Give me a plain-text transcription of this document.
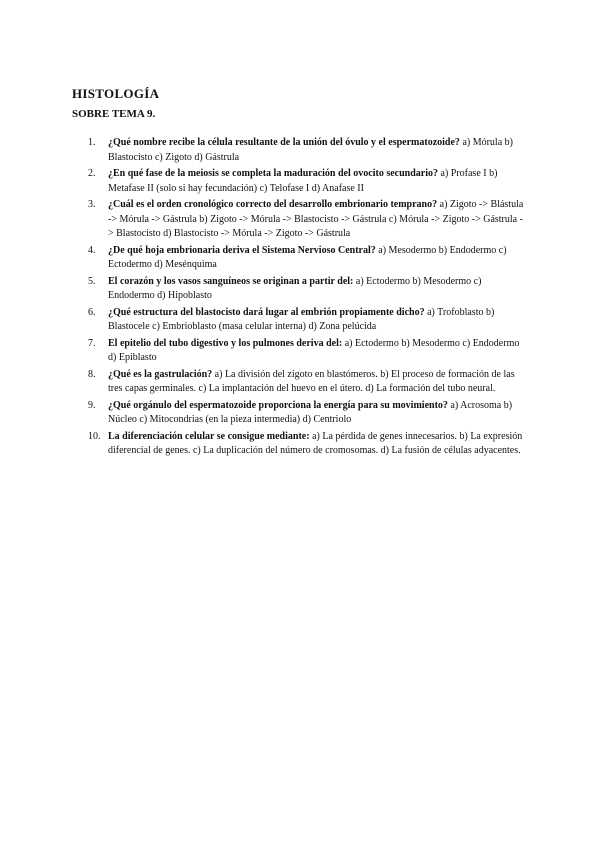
HISTOLOGÍA
SOBRE TEMA 9.
1. ¿Qué nombre recibe la célula resultante de la unión del óvulo y el espermatozoide? a) Mórula b) Blastocisto c) Zigoto d) Gástrula
2. ¿En qué fase de la meiosis se completa la maduración del ovocito secundario? a) Profase I b) Metafase II (solo si hay fecundación) c) Telofase I d) Anafase II
3. ¿Cuál es el orden cronológico correcto del desarrollo embrionario temprano? a) Zigoto -> Blástula -> Mórula -> Gástrula b) Zigoto -> Mórula -> Blastocisto -> Gástrula c) Mórula -> Zigoto -> Gástrula -> Blastocisto d) Blastocisto -> Mórula -> Zigoto -> Gástrula
4. ¿De qué hoja embrionaria deriva el Sistema Nervioso Central? a) Mesodermo b) Endodermo c) Ectodermo d) Mesénquima
5. El corazón y los vasos sanguíneos se originan a partir del: a) Ectodermo b) Mesodermo c) Endodermo d) Hipoblasto
6. ¿Qué estructura del blastocisto dará lugar al embrión propiamente dicho? a) Trofoblasto b) Blastocele c) Embrioblasto (masa celular interna) d) Zona pelúcida
7. El epitelio del tubo digestivo y los pulmones deriva del: a) Ectodermo b) Mesodermo c) Endodermo d) Epiblasto
8. ¿Qué es la gastrulación? a) La división del zigoto en blastómeros. b) El proceso de formación de las tres capas germinales. c) La implantación del huevo en el útero. d) La formación del tubo neural.
9. ¿Qué orgánulo del espermatozoide proporciona la energía para su movimiento? a) Acrosoma b) Núcleo c) Mitocondrias (en la pieza intermedia) d) Centriolo
10. La diferenciación celular se consigue mediante: a) La pérdida de genes innecesarios. b) La expresión diferencial de genes. c) La duplicación del número de cromosomas. d) La fusión de células adyacentes.
